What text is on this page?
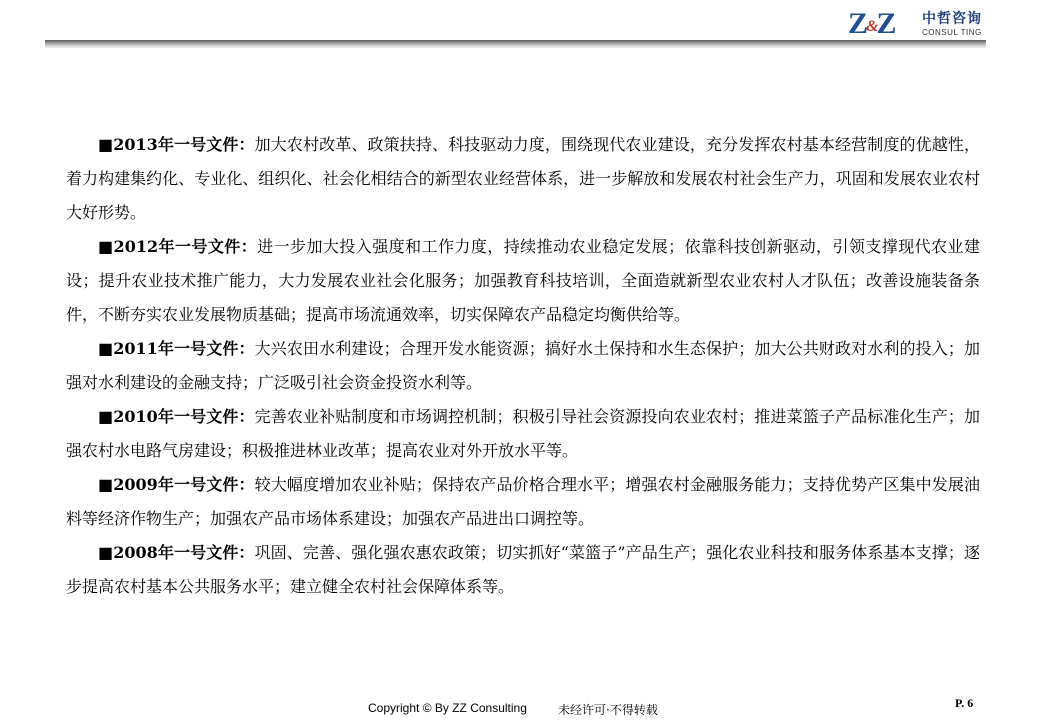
Z&Z 中哲咨询
CONSUL TING

■2013年一号文件：加大农村改革、政策扶持、科技驱动力度，围绕现代农业建设，充分发挥农村基本经营制度的优越性，着力构建集约化、专业化、组织化、社会化相结合的新型农业经营体系，进一步解放和发展农村社会生产力，巩固和发展农业农村大好形势。

■2012年一号文件：进一步加大投入强度和工作力度，持续推动农业稳定发展；依靠科技创新驱动，引领支撑现代农业建设；提升农业技术推广能力，大力发展农业社会化服务；加强教育科技培训，全面造就新型农业农村人才队伍；改善设施装备条件，不断夯实农业发展物质基础；提高市场流通效率，切实保障农产品稳定均衡供给等。

■2011年一号文件：大兴农田水利建设；合理开发水能资源；搞好水土保持和水生态保护；加大公共财政对水利的投入；加强对水利建设的金融支持；广泛吸引社会资金投资水利等。

■2010年一号文件：完善农业补贴制度和市场调控机制；积极引导社会资源投向农业农村；推进菜篮子产品标准化生产；加强农村水电路气房建设；积极推进林业改革；提高农业对外开放水平等。

■2009年一号文件：较大幅度增加农业补贴；保持农产品价格合理水平；增强农村金融服务能力；支持优势产区集中发展油料等经济作物生产；加强农产品市场体系建设；加强农产品进出口调控等。

■2008年一号文件：巩固、完善、强化强农惠农政策；切实抓好“菜篮子”产品生产；强化农业科技和服务体系基本支撑；逐步提高农村基本公共服务水平；建立健全农村社会保障体系等。

Copyright © By ZZ Consulting	未经许可·不得转载	P. 6
